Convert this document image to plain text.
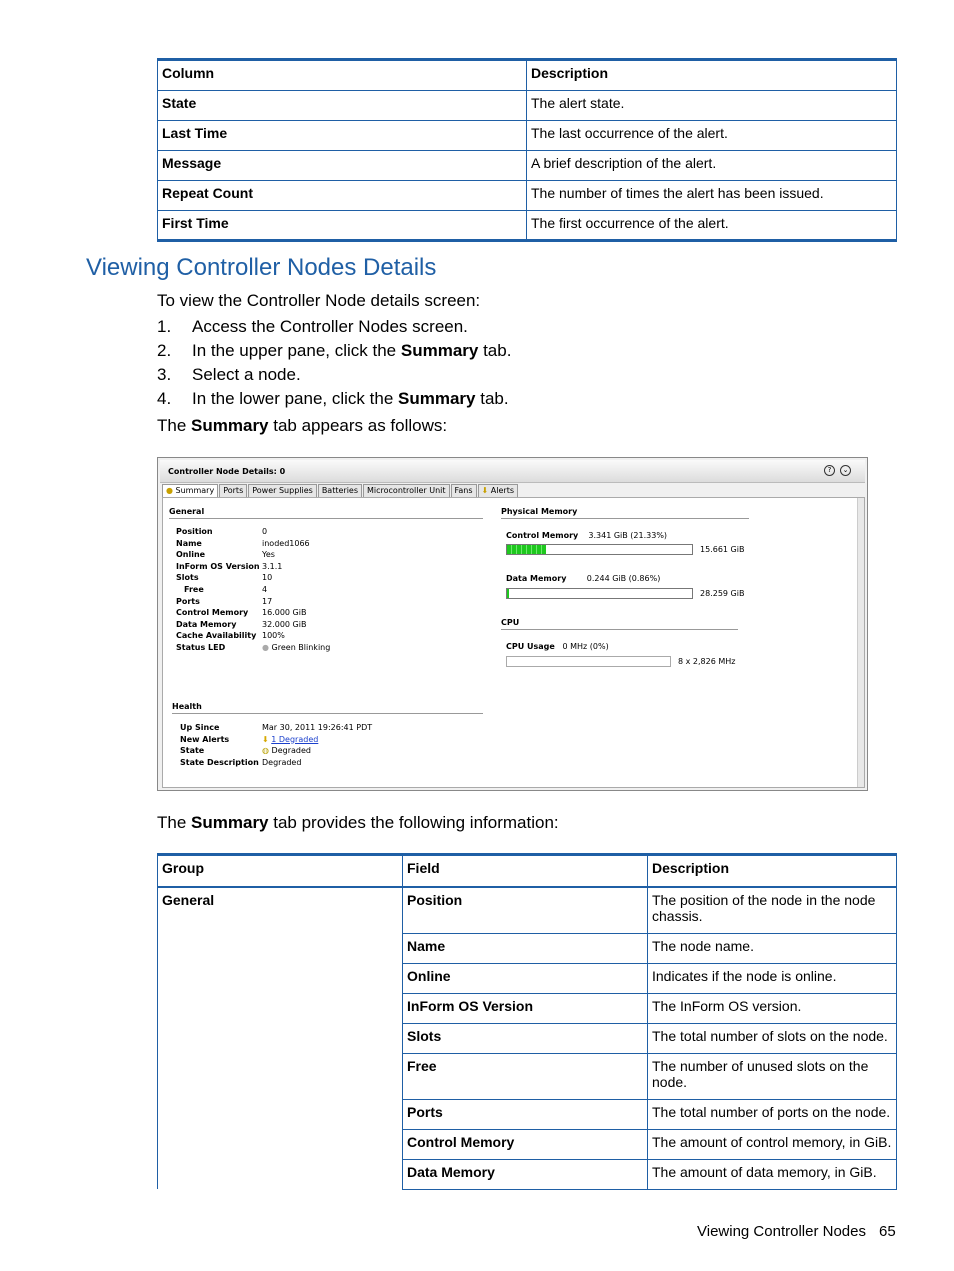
Column	Description
State	The alert state.
Last Time	The last occurrence of the alert.
Message	A brief description of the alert.
Repeat Count	The number of times the alert has been issued.
First Time	The first occurrence of the alert.
Viewing Controller Nodes Details
To view the Controller Node details screen:
1. Access the Controller Nodes screen.
2. In the upper pane, click the Summary tab.
3. Select a node.
4. In the lower pane, click the Summary tab.
The Summary tab appears as follows:
Controller Node Details: 0	?	⌄
● Summary	Ports	Power Supplies	Batteries	Microcontroller Unit	Fans	⬇ Alerts
General
Position	0
Name	inoded1066
Online	Yes
InForm OS Version 3.1.1
Slots	10
Free	4
Ports	17
Control Memory 16.000 GiB
Data Memory	32.000 GiB
Cache Availability 100%
Status LED	● Green Blinking
Health
Up Since	Mar 30, 2011 19:26:41 PDT
New Alerts	⬇ 1 Degraded
State	◍ Degraded
State Description Degraded
Physical Memory
Control Memory 3.341 GiB (21.33%)
15.661 GiB
Data Memory	0.244 GiB (0.86%)
28.259 GiB
CPU
CPU Usage 0 MHz (0%)
8 x 2,826 MHz
The Summary tab provides the following information:
Group	Field	Description
General	Position	The position of the node in the node chassis.
	Name	The node name.
	Online	Indicates if the node is online.
	InForm OS Version	The InForm OS version.
	Slots	The total number of slots on the node.
	Free	The number of unused slots on the node.
	Ports	The total number of ports on the node.
	Control Memory	The amount of control memory, in GiB.
	Data Memory	The amount of data memory, in GiB.
Viewing Controller Nodes 65
